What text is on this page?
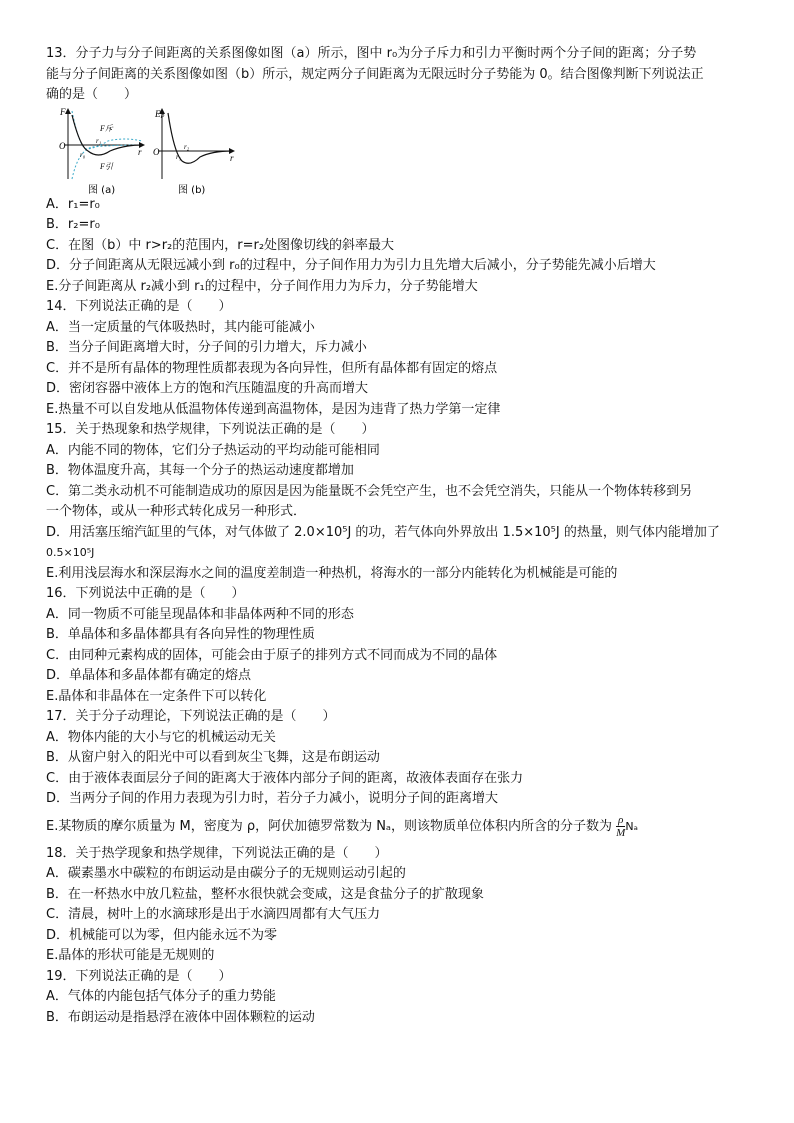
13．分子力与分子间距离的关系图像如图（a）所示，图中 r₀为分子斥力和引力平衡时两个分子间的距离；分子势
能与分子间距离的关系图像如图（b）所示，规定两分子间距离为无限远时分子势能为 0。结合图像判断下列说法正
确的是（　　）
F
O
r
F斥
F引
r₁
r₀
图 (a)
Eₚ
O
r
r₁
r₂
图 (b)
A．r₁=r₀
B．r₂=r₀
C．在图（b）中 r>r₂的范围内，r=r₂处图像切线的斜率最大
D．分子间距离从无限远减小到 r₀的过程中，分子间作用力为引力且先增大后减小，分子势能先减小后增大
E.分子间距离从 r₂减小到 r₁的过程中，分子间作用力为斥力，分子势能增大
14．下列说法正确的是（　　）
A．当一定质量的气体吸热时，其内能可能减小
B．当分子间距离增大时，分子间的引力增大，斥力减小
C．并不是所有晶体的物理性质都表现为各向异性，但所有晶体都有固定的熔点
D．密闭容器中液体上方的饱和汽压随温度的升高而增大
E.热量不可以自发地从低温物体传递到高温物体，是因为违背了热力学第一定律
15．关于热现象和热学规律，下列说法正确的是（　　）
A．内能不同的物体，它们分子热运动的平均动能可能相同
B．物体温度升高，其每一个分子的热运动速度都增加
C．第二类永动机不可能制造成功的原因是因为能量既不会凭空产生，也不会凭空消失，只能从一个物体转移到另
一个物体，或从一种形式转化成另一种形式．
D．用活塞压缩汽缸里的气体，对气体做了 2.0×10⁵J 的功，若气体向外界放出 1.5×10⁵J 的热量，则气体内能增加了
0.5×10⁵J
E.利用浅层海水和深层海水之间的温度差制造一种热机，将海水的一部分内能转化为机械能是可能的
16．下列说法中正确的是（　　）
A．同一物质不可能呈现晶体和非晶体两种不同的形态
B．单晶体和多晶体都具有各向异性的物理性质
C．由同种元素构成的固体，可能会由于原子的排列方式不同而成为不同的晶体
D．单晶体和多晶体都有确定的熔点
E.晶体和非晶体在一定条件下可以转化
17．关于分子动理论，下列说法正确的是（　　）
A．物体内能的大小与它的机械运动无关
B．从窗户射入的阳光中可以看到灰尘飞舞，这是布朗运动
C．由于液体表面层分子间的距离大于液体内部分子间的距离，故液体表面存在张力
D．当两分子间的作用力表现为引力时，若分子力减小，说明分子间的距离增大
E.某物质的摩尔质量为 M，密度为 ρ，阿伏加德罗常数为 Nₐ，则该物质单位体积内所含的分子数为 $\frac{\rho}{M}$ Nₐ
18．关于热学现象和热学规律，下列说法正确的是（　　）
A．碳素墨水中碳粒的布朗运动是由碳分子的无规则运动引起的
B．在一杯热水中放几粒盐，整杯水很快就会变咸，这是食盐分子的扩散现象
C．清晨，树叶上的水滴球形是出于水滴四周都有大气压力
D．机械能可以为零，但内能永远不为零
E.晶体的形状可能是无规则的
19．下列说法正确的是（　　）
A．气体的内能包括气体分子的重力势能
B．布朗运动是指悬浮在液体中固体颗粒的运动
